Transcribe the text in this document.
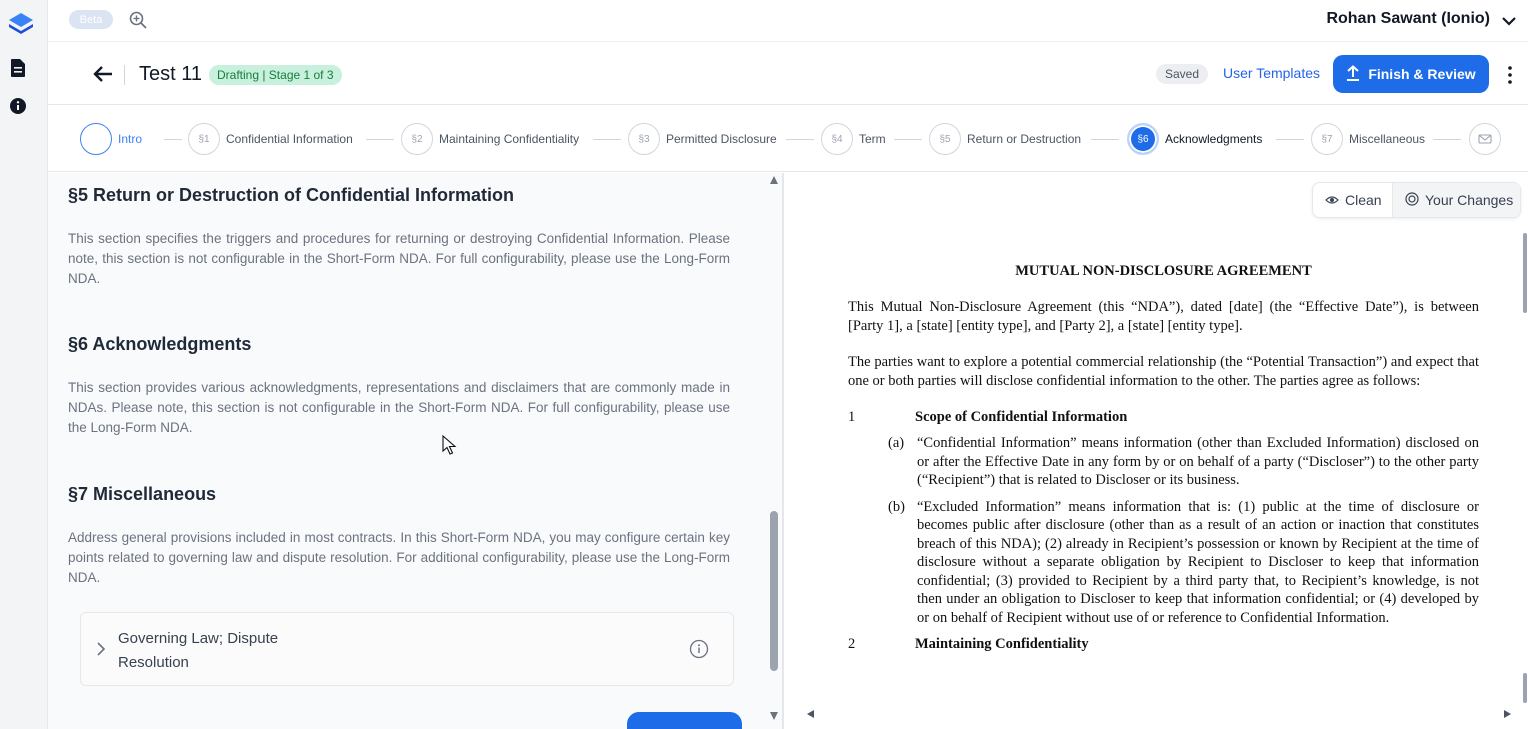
Beta	Rohan Sawant (Ionio)
Test 11	Drafting | Stage 1 of 3	Saved	User Templates	Finish & Review
Intro	§1	Confidential Information	§2	Maintaining Confidentiality	§3	Permitted Disclosure	§4	Term	§5	Return or Destruction	§6	Acknowledgments	§7	Miscellaneous
§5 Return or Destruction of Confidential Information
This section specifies the triggers and procedures for returning or destroying Confidential Information. Please note, this section is not configurable in the Short-Form NDA. For full configurability, please use the Long-Form NDA.
§6 Acknowledgments
This section provides various acknowledgments, representations and disclaimers that are commonly made in NDAs. Please note, this section is not configurable in the Short-Form NDA. For full configurability, please use the Long-Form NDA.
§7 Miscellaneous
Address general provisions included in most contracts. In this Short-Form NDA, you may configure certain key points related to governing law and dispute resolution. For additional configurability, please use the Long-Form NDA.
Governing Law; Dispute Resolution
Clean	Your Changes
MUTUAL NON-DISCLOSURE AGREEMENT
This Mutual Non-Disclosure Agreement (this “NDA”), dated [date] (the “Effective Date”), is between [Party 1], a [state] [entity type], and [Party 2], a [state] [entity type].
The parties want to explore a potential commercial relationship (the “Potential Transaction”) and expect that one or both parties will disclose confidential information to the other. The parties agree as follows:
1	Scope of Confidential Information
(a) “Confidential Information” means information (other than Excluded Information) disclosed on or after the Effective Date in any form by or on behalf of a party (“Discloser”) to the other party (“Recipient”) that is related to Discloser or its business.
(b) “Excluded Information” means information that is: (1) public at the time of disclosure or becomes public after disclosure (other than as a result of an action or inaction that constitutes breach of this NDA); (2) already in Recipient’s possession or known by Recipient at the time of disclosure without a separate obligation by Recipient to Discloser to keep that information confidential; (3) provided to Recipient by a third party that, to Recipient’s knowledge, is not then under an obligation to Discloser to keep that information confidential; or (4) developed by or on behalf of Recipient without use of or reference to Confidential Information.
2	Maintaining Confidentiality
